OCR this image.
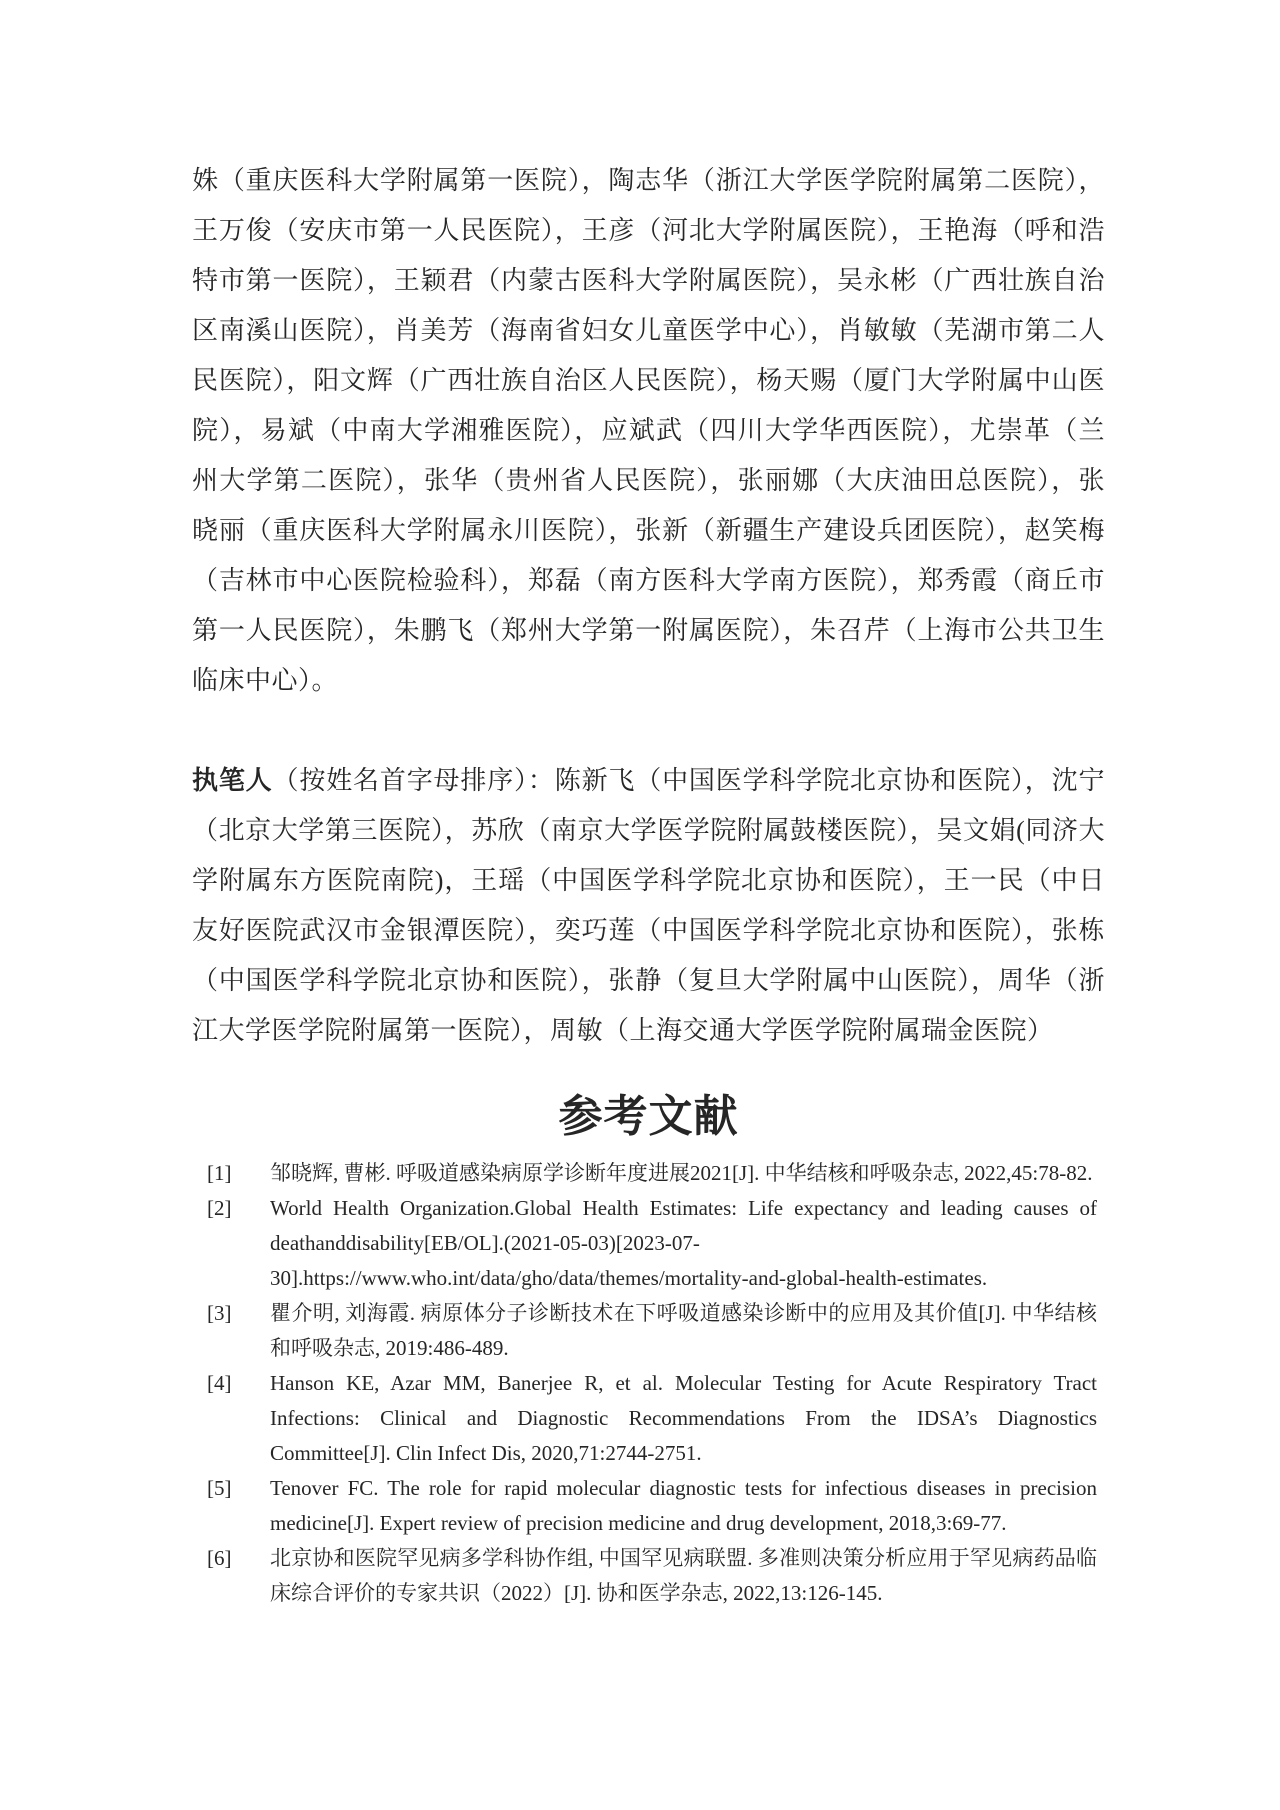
姝（重庆医科大学附属第一医院），陶志华（浙江大学医学院附属第二医院），王万俊（安庆市第一人民医院），王彦（河北大学附属医院），王艳海（呼和浩特市第一医院），王颖君（内蒙古医科大学附属医院），吴永彬（广西壮族自治区南溪山医院），肖美芳（海南省妇女儿童医学中心），肖敏敏（芜湖市第二人民医院），阳文辉（广西壮族自治区人民医院），杨天赐（厦门大学附属中山医院），易斌（中南大学湘雅医院），应斌武（四川大学华西医院），尤崇革（兰州大学第二医院），张华（贵州省人民医院），张丽娜（大庆油田总医院），张晓丽（重庆医科大学附属永川医院），张新（新疆生产建设兵团医院），赵笑梅（吉林市中心医院检验科），郑磊（南方医科大学南方医院），郑秀霞（商丘市第一人民医院），朱鹏飞（郑州大学第一附属医院），朱召芹（上海市公共卫生临床中心）。

执笔人（按姓名首字母排序）：陈新飞（中国医学科学院北京协和医院），沈宁（北京大学第三医院），苏欣（南京大学医学院附属鼓楼医院），吴文娟(同济大学附属东方医院南院)，王瑶（中国医学科学院北京协和医院），王一民（中日友好医院武汉市金银潭医院），奕巧莲（中国医学科学院北京协和医院），张栋（中国医学科学院北京协和医院），张静（复旦大学附属中山医院），周华（浙江大学医学院附属第一医院），周敏（上海交通大学医学院附属瑞金医院）

参考文献
[1]	邹晓辉, 曹彬. 呼吸道感染病原学诊断年度进展2021[J]. 中华结核和呼吸杂志, 2022,45:78-82.
[2]	World Health Organization.Global Health Estimates: Life expectancy and leading causes of deathanddisability[EB/OL].(2021-05-03)[2023-07-30].https://www.who.int/data/gho/data/themes/mortality-and-global-health-estimates.
[3]	瞿介明, 刘海霞. 病原体分子诊断技术在下呼吸道感染诊断中的应用及其价值[J]. 中华结核和呼吸杂志, 2019:486-489.
[4]	Hanson KE, Azar MM, Banerjee R, et al. Molecular Testing for Acute Respiratory Tract Infections: Clinical and Diagnostic Recommendations From the IDSA’s Diagnostics Committee[J]. Clin Infect Dis, 2020,71:2744-2751.
[5]	Tenover FC. The role for rapid molecular diagnostic tests for infectious diseases in precision medicine[J]. Expert review of precision medicine and drug development, 2018,3:69-77.
[6]	北京协和医院罕见病多学科协作组, 中国罕见病联盟. 多准则决策分析应用于罕见病药品临床综合评价的专家共识（2022）[J]. 协和医学杂志, 2022,13:126-145.
